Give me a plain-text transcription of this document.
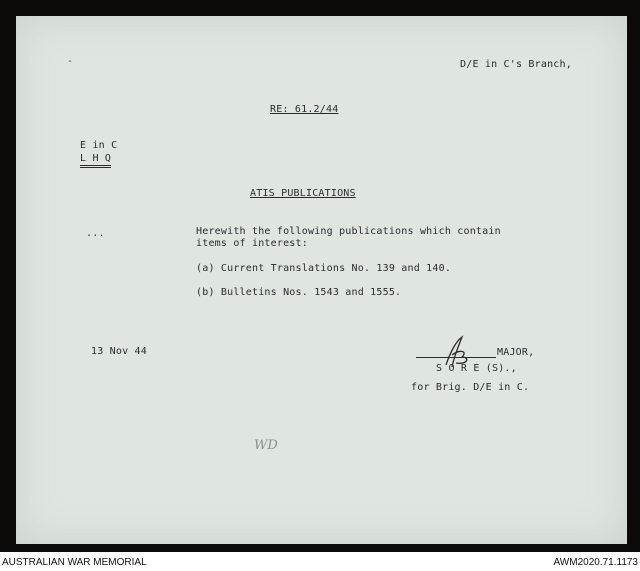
-	D/E in C's Branch,
RE: 61.2/44
E in C
L H Q
ATIS PUBLICATIONS
...	Herewith the following publications which contain
items of interest:
(a) Current Translations No. 139 and 140.
(b) Bulletins Nos. 1543 and 1555.
13 Nov 44	MAJOR,
S O R E (S).,
for Brig. D/E in C.
WD
AUSTRALIAN WAR MEMORIAL	AWM2020.71.1173
